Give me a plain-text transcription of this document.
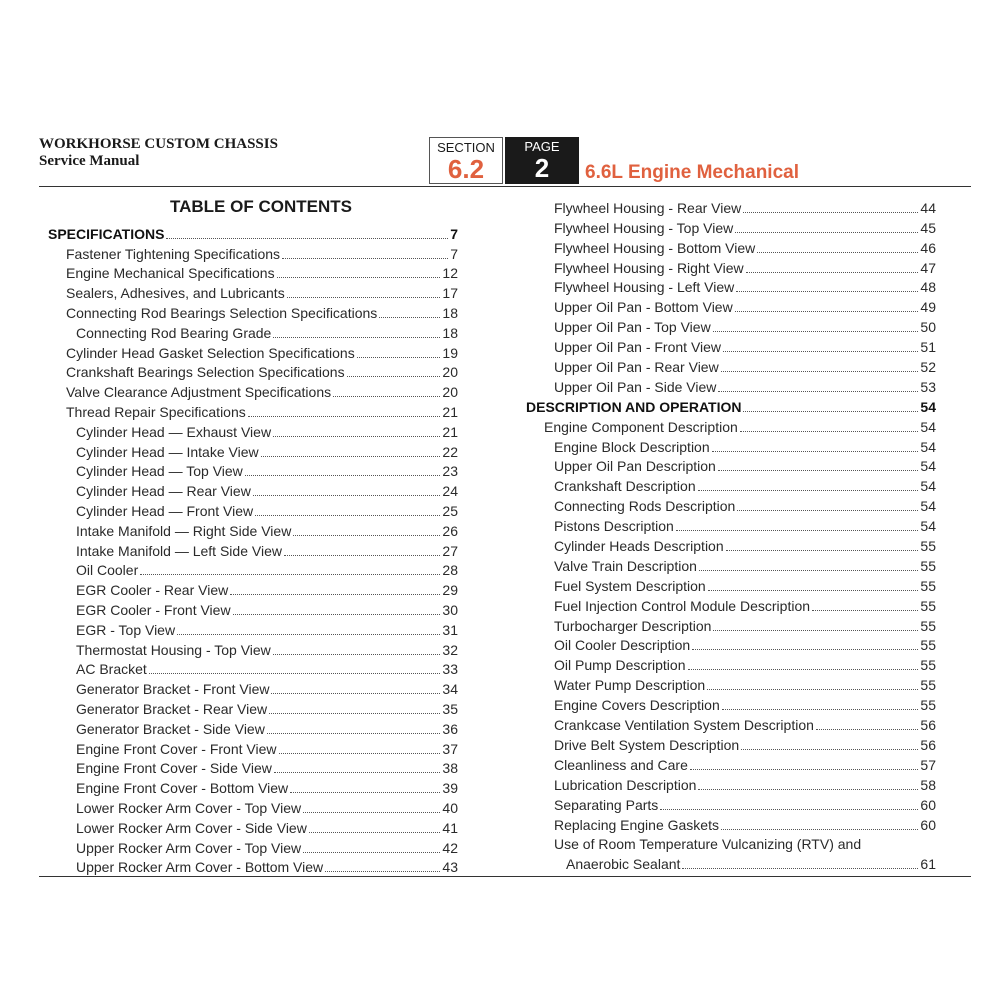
WORKHORSE CUSTOM CHASSIS
Service Manual
SECTION
6.2
PAGE
2	6.6L Engine Mechanical
TABLE OF CONTENTS
SPECIFICATIONS	7
Fastener Tightening Specifications	7
Engine Mechanical Specifications	12
Sealers, Adhesives, and Lubricants	17
Connecting Rod Bearings Selection Specifications	18
Connecting Rod Bearing Grade	18
Cylinder Head Gasket Selection Specifications	19
Crankshaft Bearings Selection Specifications	20
Valve Clearance Adjustment Specifications	20
Thread Repair Specifications	21
Cylinder Head — Exhaust View	21
Cylinder Head — Intake View	22
Cylinder Head — Top View	23
Cylinder Head — Rear View	24
Cylinder Head — Front View	25
Intake Manifold — Right Side View	26
Intake Manifold — Left Side View	27
Oil Cooler	28
EGR Cooler - Rear View	29
EGR Cooler - Front View	30
EGR - Top View	31
Thermostat Housing - Top View	32
AC Bracket	33
Generator Bracket - Front View	34
Generator Bracket - Rear View	35
Generator Bracket - Side View	36
Engine Front Cover - Front View	37
Engine Front Cover - Side View	38
Engine Front Cover - Bottom View	39
Lower Rocker Arm Cover - Top View	40
Lower Rocker Arm Cover - Side View	41
Upper Rocker Arm Cover - Top View	42
Upper Rocker Arm Cover - Bottom View	43
Flywheel Housing - Rear View	44
Flywheel Housing - Top View	45
Flywheel Housing - Bottom View	46
Flywheel Housing - Right View	47
Flywheel Housing - Left View	48
Upper Oil Pan - Bottom View	49
Upper Oil Pan - Top View	50
Upper Oil Pan - Front View	51
Upper Oil Pan - Rear View	52
Upper Oil Pan - Side View	53
DESCRIPTION AND OPERATION	54
Engine Component Description	54
Engine Block Description	54
Upper Oil Pan Description	54
Crankshaft Description	54
Connecting Rods Description	54
Pistons Description	54
Cylinder Heads Description	55
Valve Train Description	55
Fuel System Description	55
Fuel Injection Control Module Description	55
Turbocharger Description	55
Oil Cooler Description	55
Oil Pump Description	55
Water Pump Description	55
Engine Covers Description	55
Crankcase Ventilation System Description	56
Drive Belt System Description	56
Cleanliness and Care	57
Lubrication Description	58
Separating Parts	60
Replacing Engine Gaskets	60
Use of Room Temperature Vulcanizing (RTV) and
Anaerobic Sealant	61
